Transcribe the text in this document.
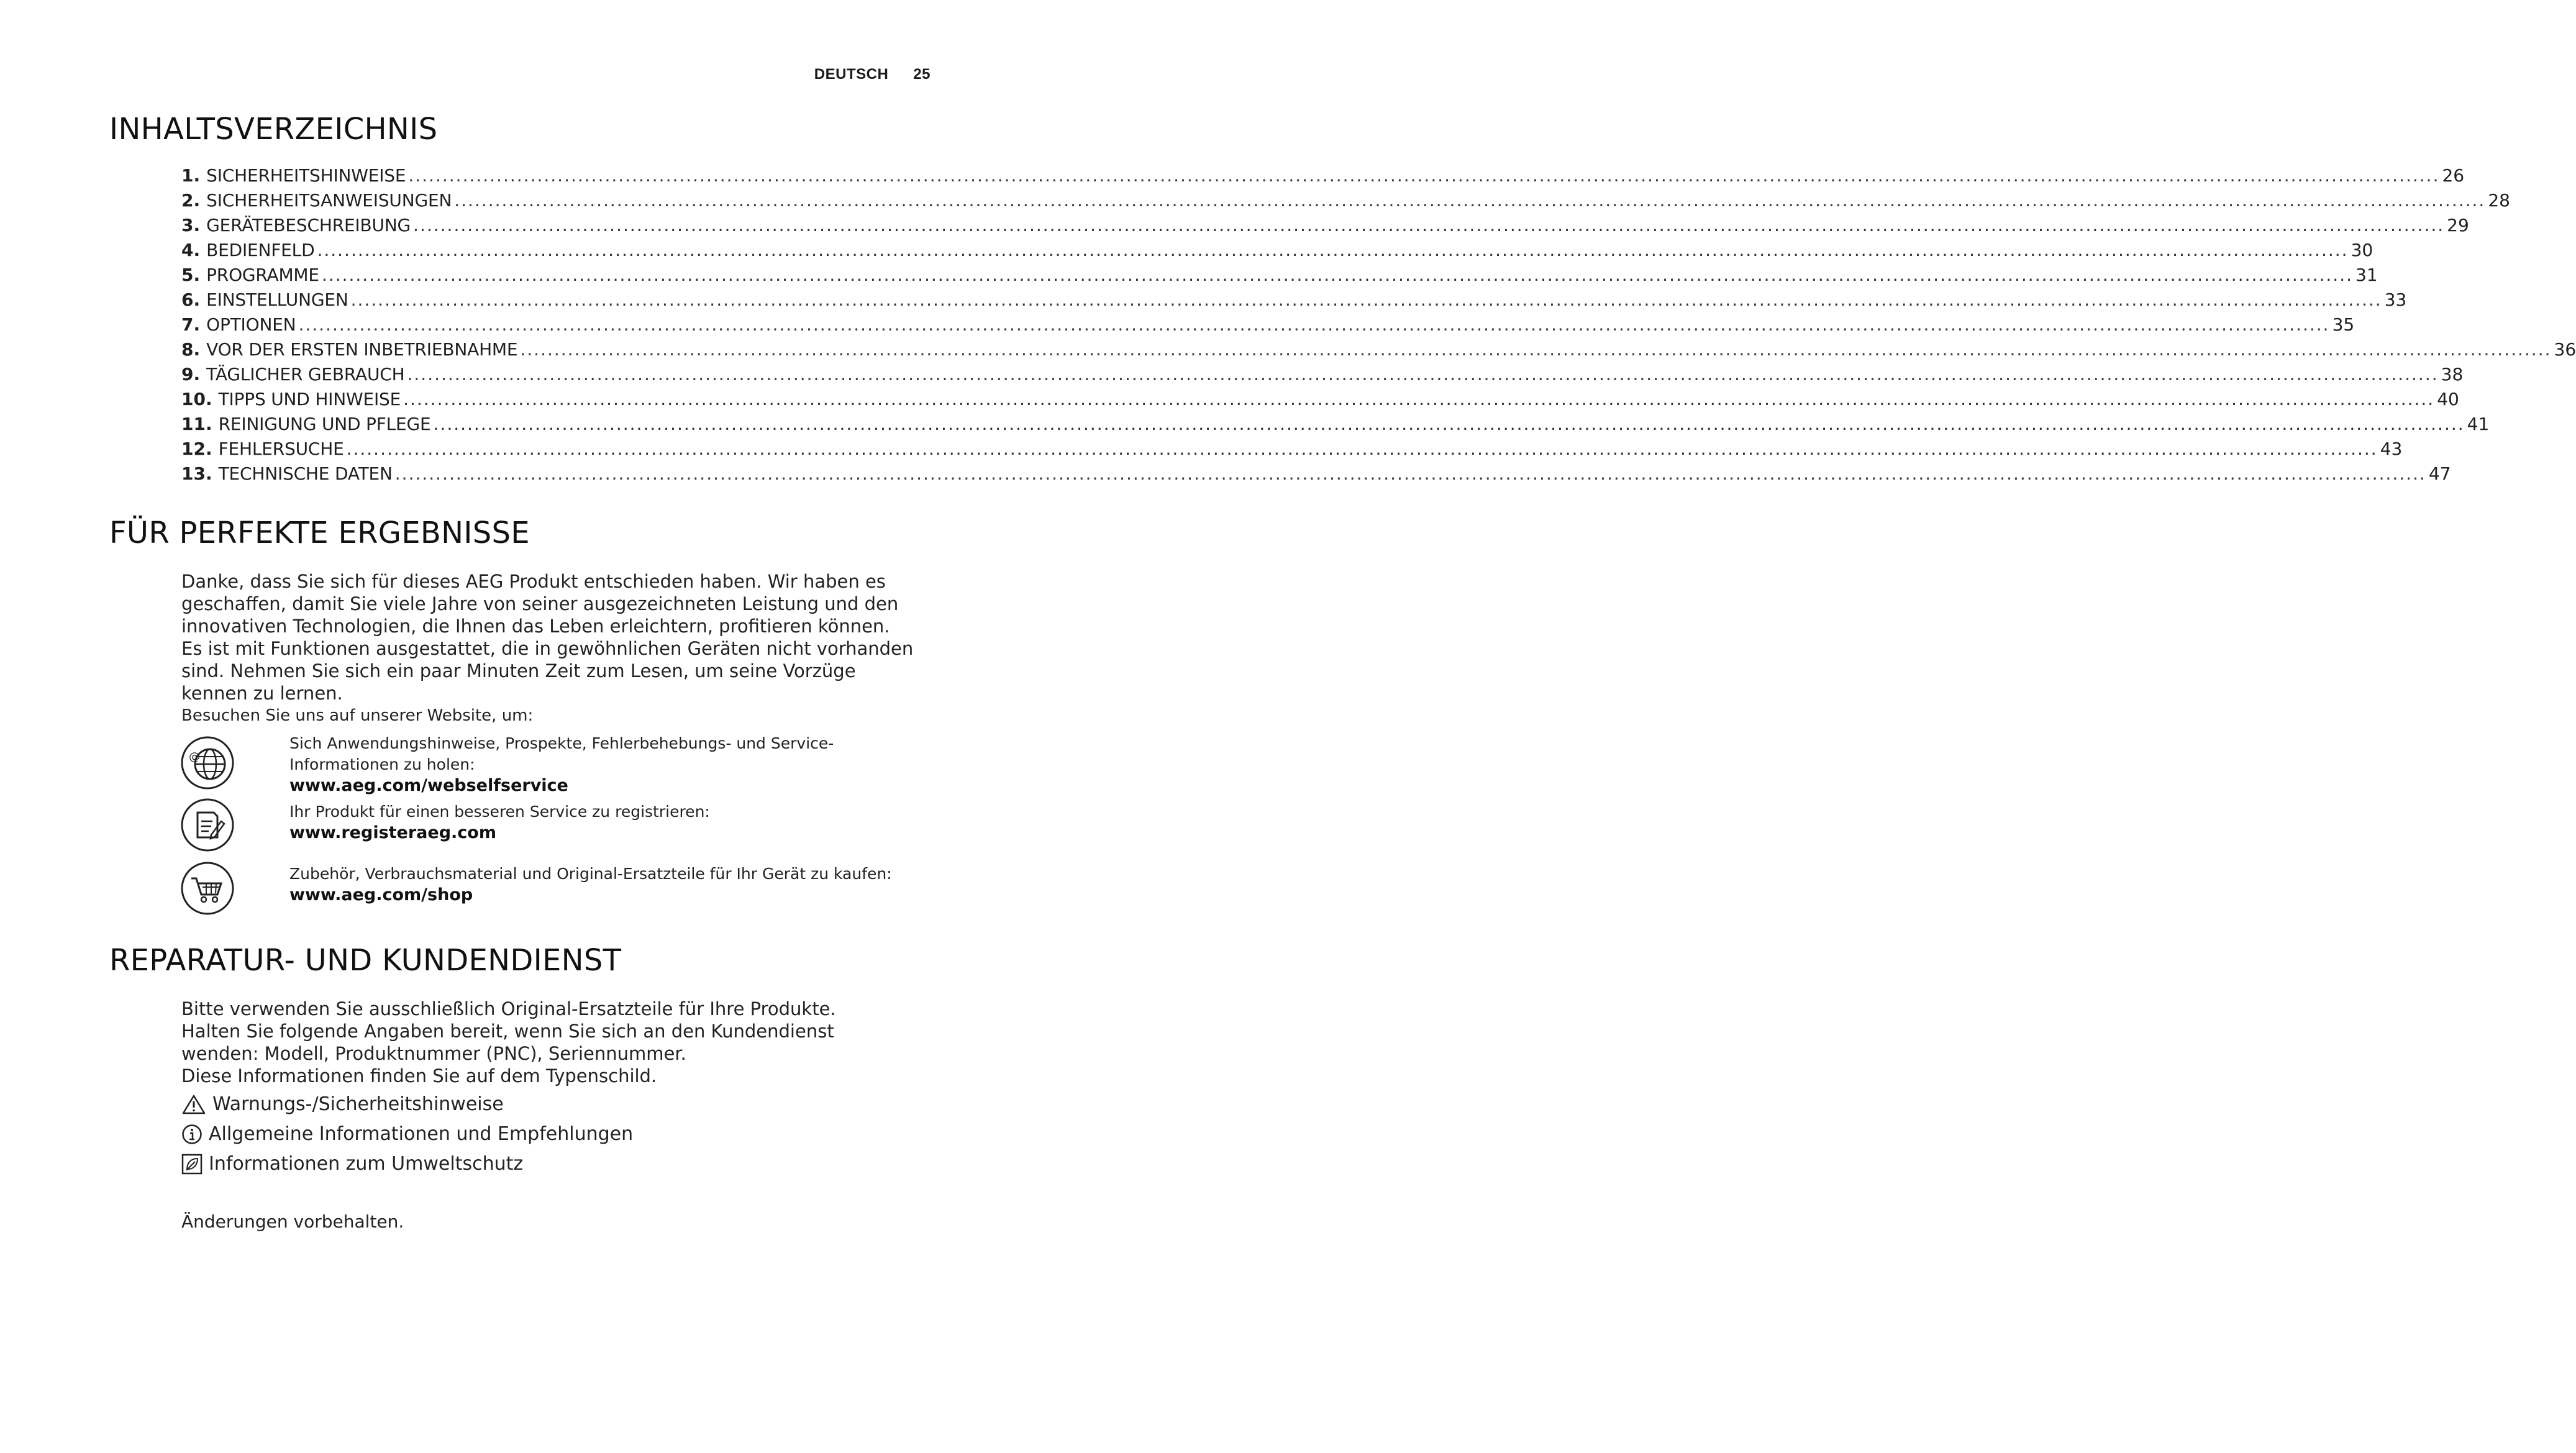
DEUTSCH 25
INHALTSVERZEICHNIS
1. SICHERHEITSHINWEISE ............................................................................................................................................................................................................................................................................................................ 26
2. SICHERHEITSANWEISUNGEN ............................................................................................................................................................................................................................................................................................................ 28
3. GERÄTEBESCHREIBUNG ............................................................................................................................................................................................................................................................................................................ 29
4. BEDIENFELD ............................................................................................................................................................................................................................................................................................................ 30
5. PROGRAMME ............................................................................................................................................................................................................................................................................................................ 31
6. EINSTELLUNGEN ............................................................................................................................................................................................................................................................................................................ 33
7. OPTIONEN ............................................................................................................................................................................................................................................................................................................ 35
8. VOR DER ERSTEN INBETRIEBNAHME ............................................................................................................................................................................................................................................................................................................ 36
9. TÄGLICHER GEBRAUCH ............................................................................................................................................................................................................................................................................................................ 38
10. TIPPS UND HINWEISE ............................................................................................................................................................................................................................................................................................................ 40
11. REINIGUNG UND PFLEGE ............................................................................................................................................................................................................................................................................................................ 41
12. FEHLERSUCHE ............................................................................................................................................................................................................................................................................................................ 43
13. TECHNISCHE DATEN ............................................................................................................................................................................................................................................................................................................ 47
FÜR PERFEKTE ERGEBNISSE

Danke, dass Sie sich für dieses AEG Produkt entschieden haben. Wir haben es

geschaffen, damit Sie viele Jahre von seiner ausgezeichneten Leistung und den

innovativen Technologien, die Ihnen das Leben erleichtern, profitieren können.

Es ist mit Funktionen ausgestattet, die in gewöhnlichen Geräten nicht vorhanden

sind. Nehmen Sie sich ein paar Minuten Zeit zum Lesen, um seine Vorzüge

kennen zu lernen.

Besuchen Sie uns auf unserer Website, um:

@
Sich Anwendungshinweise, Prospekte, Fehlerbehebungs- und Service-
Informationen zu holen:
www.aeg.com/webselfservice
Ihr Produkt für einen besseren Service zu registrieren:
www.registeraeg.com
Zubehör, Verbrauchsmaterial und Original-Ersatzteile für Ihr Gerät zu kaufen:
www.aeg.com/shop
REPARATUR- UND KUNDENDIENST

Bitte verwenden Sie ausschließlich Original-Ersatzteile für Ihre Produkte.

Halten Sie folgende Angaben bereit, wenn Sie sich an den Kundendienst

wenden: Modell, Produktnummer (PNC), Seriennummer.

Diese Informationen finden Sie auf dem Typenschild.

Warnungs-/Sicherheitshinweise
Allgemeine Informationen und Empfehlungen
Informationen zum Umweltschutz
Änderungen vorbehalten.
